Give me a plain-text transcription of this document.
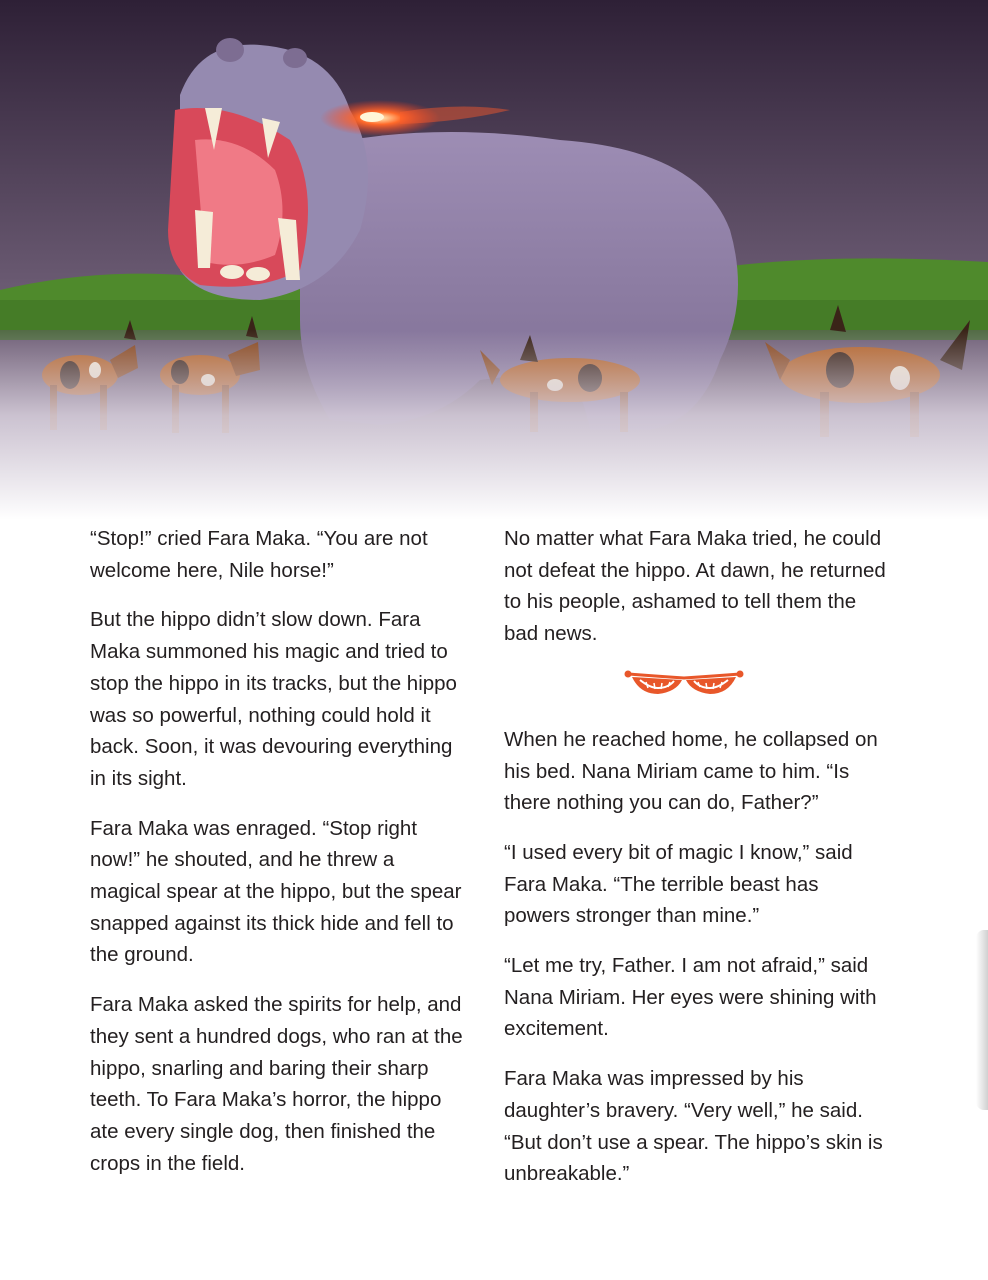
“Stop!” cried Fara Maka. “You are not welcome here, Nile horse!”

But the hippo didn’t slow down. Fara Maka summoned his magic and tried to stop the hippo in its tracks, but the hippo was so powerful, nothing could hold it back. Soon, it was devouring everything in its sight.

Fara Maka was enraged. “Stop right now!” he shouted, and he threw a magical spear at the hippo, but the spear snapped against its thick hide and fell to the ground.

Fara Maka asked the spirits for help, and they sent a hundred dogs, who ran at the hippo, snarling and baring their sharp teeth. To Fara Maka’s horror, the hippo ate every single dog, then finished the crops in the field.

No matter what Fara Maka tried, he could not defeat the hippo. At dawn, he returned to his people, ashamed to tell them the bad news.

When he reached home, he collapsed on his bed. Nana Miriam came to him. “Is there nothing you can do, Father?”

“I used every bit of magic I know,” said Fara Maka. “The terrible beast has powers stronger than mine.”

“Let me try, Father. I am not afraid,” said Nana Miriam. Her eyes were shining with excitement.

Fara Maka was impressed by his daughter’s bravery. “Very well,” he said. “But don’t use a spear. The hippo’s skin is unbreakable.”
